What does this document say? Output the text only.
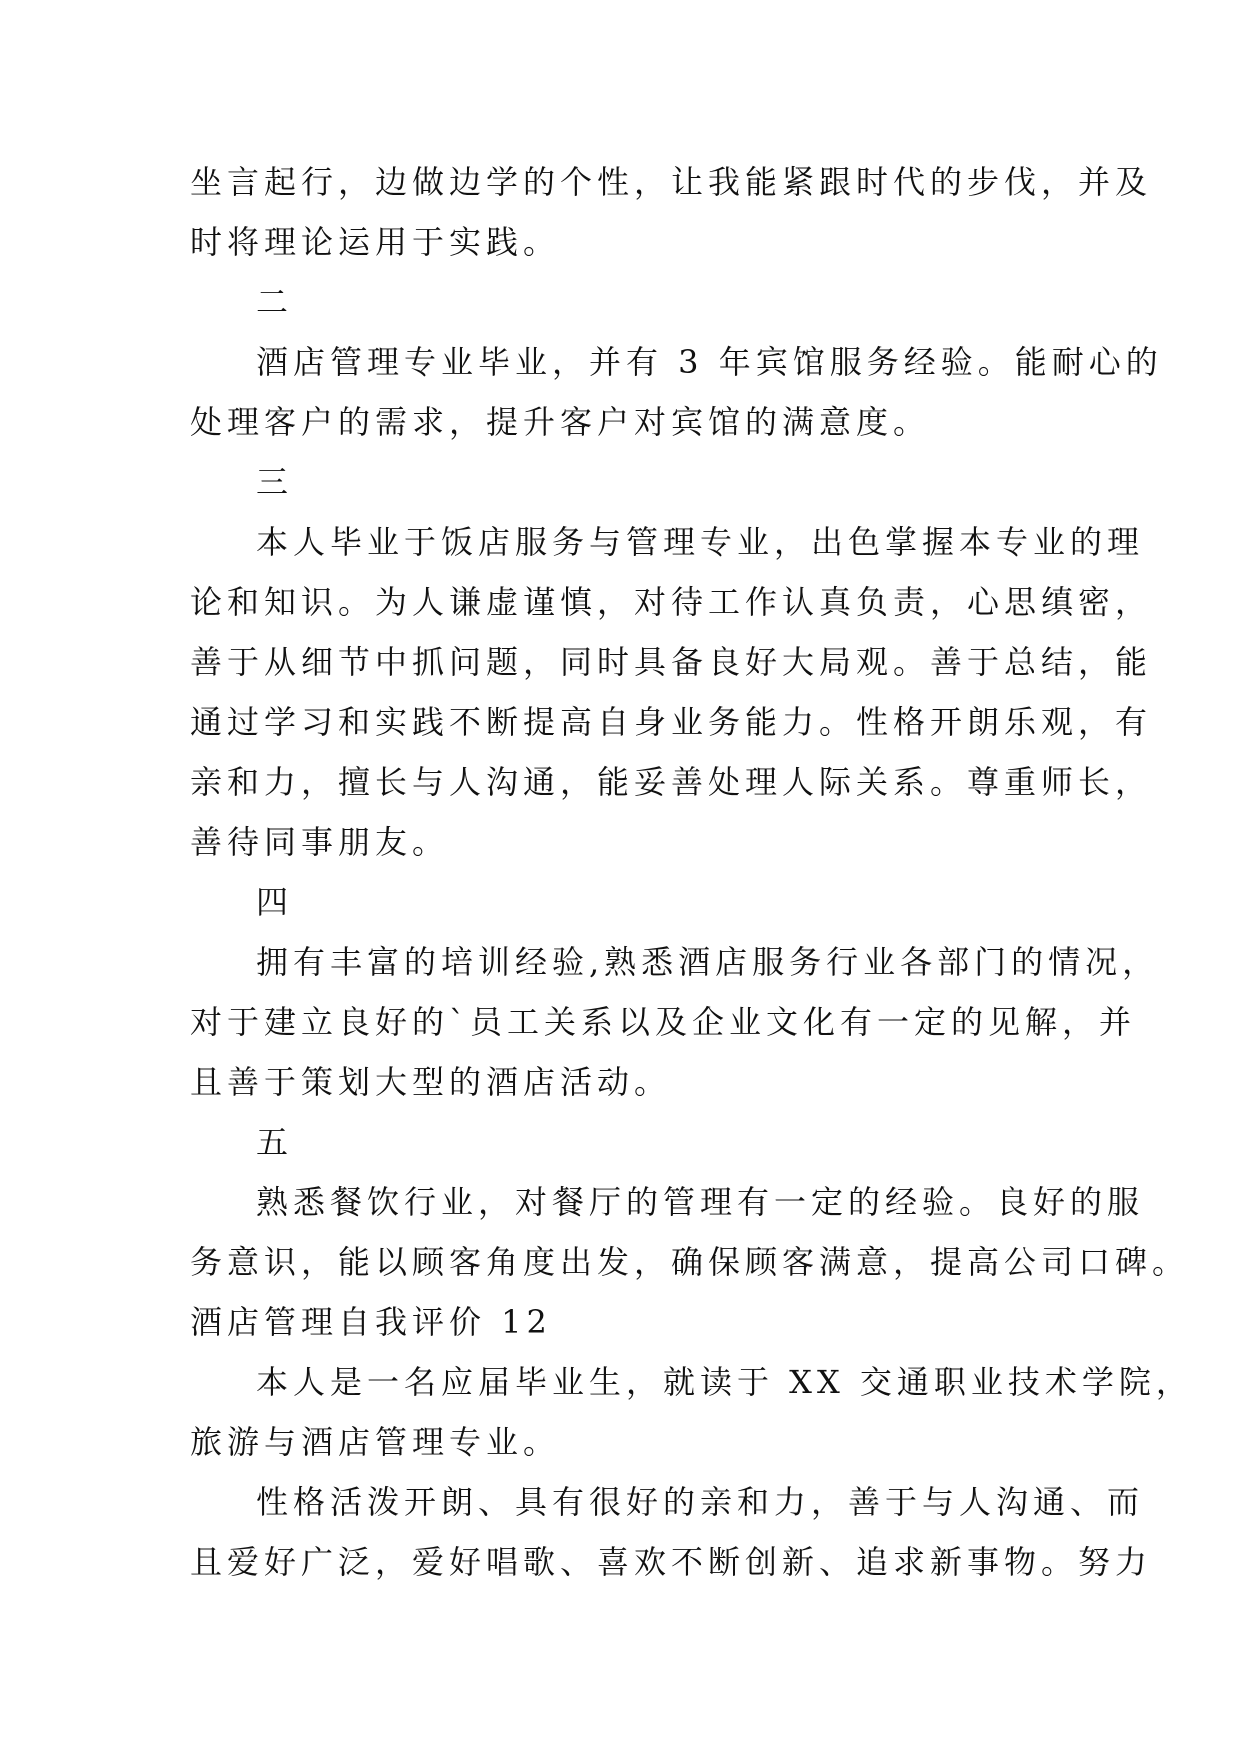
坐言起行，边做边学的个性，让我能紧跟时代的步伐，并及
时将理论运用于实践。
二
酒店管理专业毕业，并有 3 年宾馆服务经验。能耐心的
处理客户的需求，提升客户对宾馆的满意度。
三
本人毕业于饭店服务与管理专业，出色掌握本专业的理
论和知识。为人谦虚谨慎，对待工作认真负责，心思缜密，
善于从细节中抓问题，同时具备良好大局观。善于总结，能
通过学习和实践不断提高自身业务能力。性格开朗乐观，有
亲和力，擅长与人沟通，能妥善处理人际关系。尊重师长，
善待同事朋友。
四
拥有丰富的培训经验,熟悉酒店服务行业各部门的情况，
对于建立良好的`员工关系以及企业文化有一定的见解，并
且善于策划大型的酒店活动。
五
熟悉餐饮行业，对餐厅的管理有一定的经验。良好的服
务意识，能以顾客角度出发，确保顾客满意，提高公司口碑。
酒店管理自我评价 12
本人是一名应届毕业生，就读于 XX 交通职业技术学院，
旅游与酒店管理专业。
性格活泼开朗、具有很好的亲和力，善于与人沟通、而
且爱好广泛，爱好唱歌、喜欢不断创新、追求新事物。努力
